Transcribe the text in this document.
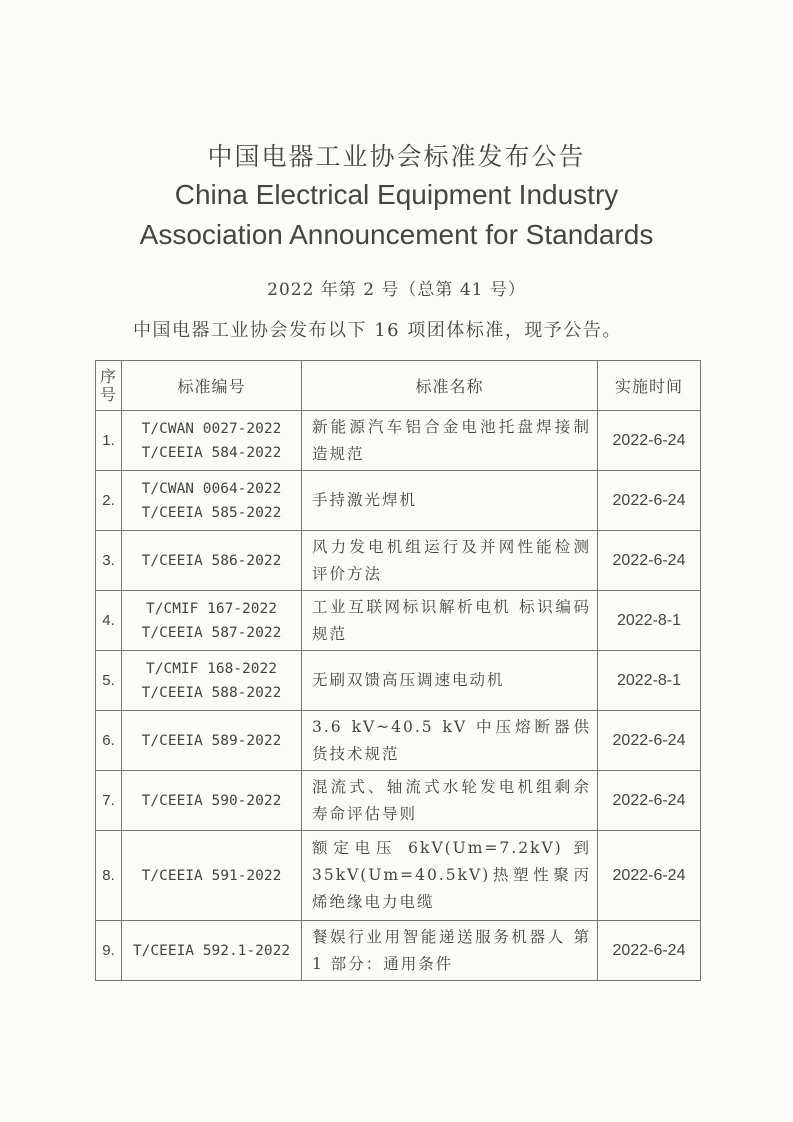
中国电器工业协会标准发布公告
China Electrical Equipment Industry
Association Announcement for Standards
2022 年第 2 号（总第 41 号）
中国电器工业协会发布以下 16 项团体标准，现予公告。
序
号	标准编号	标准名称	实施时间
1.	T/CWAN 0027-2022
T/CEEIA 584-2022	新能源汽车铝合金电池托盘焊接制造规范	2022-6-24
2.	T/CWAN 0064-2022
T/CEEIA 585-2022	手持激光焊机	2022-6-24
3.	T/CEEIA 586-2022	风力发电机组运行及并网性能检测评价方法	2022-6-24
4.	T/CMIF 167-2022
T/CEEIA 587-2022	工业互联网标识解析电机 标识编码规范	2022-8-1
5.	T/CMIF 168-2022
T/CEEIA 588-2022	无刷双馈高压调速电动机	2022-8-1
6.	T/CEEIA 589-2022	3.6 kV~40.5 kV 中压熔断器供货技术规范	2022-6-24
7.	T/CEEIA 590-2022	混流式、轴流式水轮发电机组剩余寿命评估导则	2022-6-24
8.	T/CEEIA 591-2022	额定电压 6kV(Um=7.2kV) 到 35kV(Um=40.5kV)热塑性聚丙烯绝缘电力电缆	2022-6-24
9.	T/CEEIA 592.1-2022	餐娱行业用智能递送服务机器人 第 1 部分：通用条件	2022-6-24
